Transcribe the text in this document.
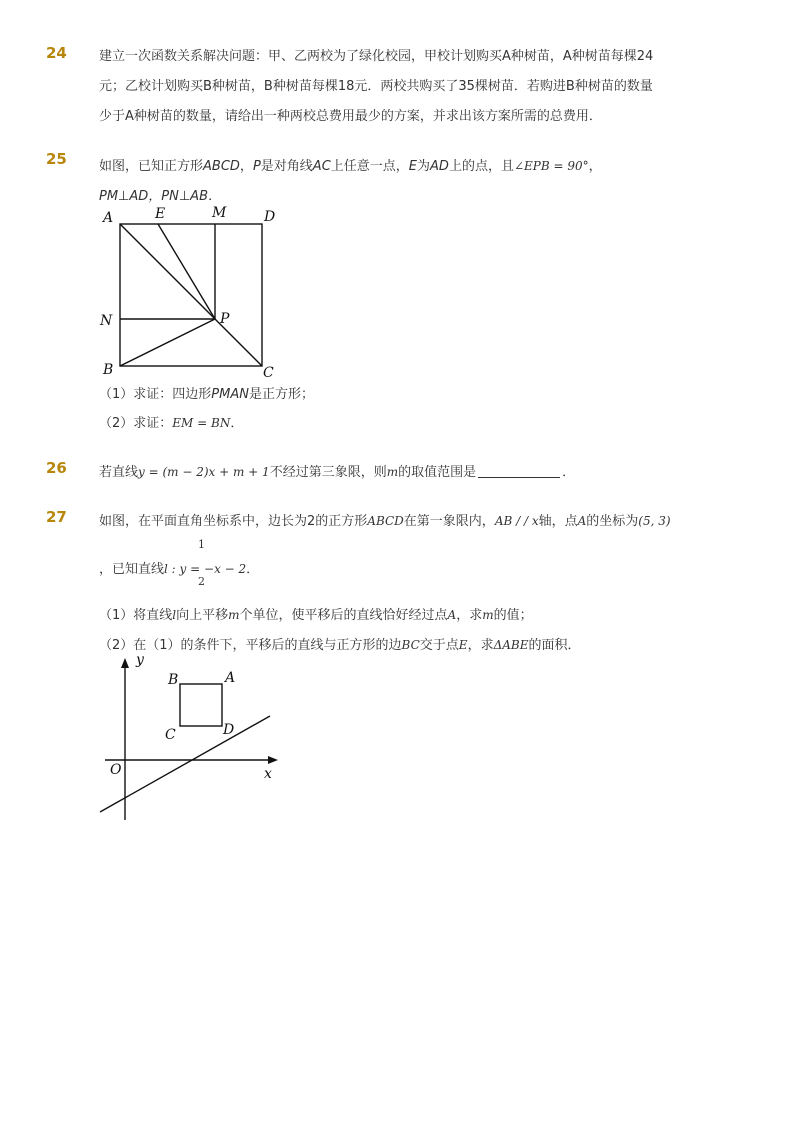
24 建立一次函数关系解决问题：甲、乙两校为了绿化校园，甲校计划购买A种树苗，A种树苗每棵24
元；乙校计划购买B种树苗，B种树苗每棵18元．两校共购买了35棵树苗．若购进B种树苗的数量
少于A种树苗的数量，请给出一种两校总费用最少的方案，并求出该方案所需的总费用．
25 如图，已知正方形ABCD，P是对角线AC上任意一点，E为AD上的点，且∠EPB = 90°，
PM⊥AD，PN⊥AB．
A	E	M	D
N	P
B	C
（1）求证：四边形PMAN是正方形；
（2）求证：EM = BN．
26 若直线y = (m − 2)x + m + 1不经过第三象限，则m的取值范围是	．
27 如图，在平面直角坐标系中，边长为2的正方形ABCD在第一象限内，AB / / x轴，点A的坐标为(5, 3)
1
2
，已知直线l : y = −x − 2．
（1）将直线l向上平移m个单位，使平移后的直线恰好经过点A，求m的值；
（2）在（1）的条件下，平移后的直线与正方形的边BC交于点E，求ΔABE的面积．
y
x
O
B	A
C	D
